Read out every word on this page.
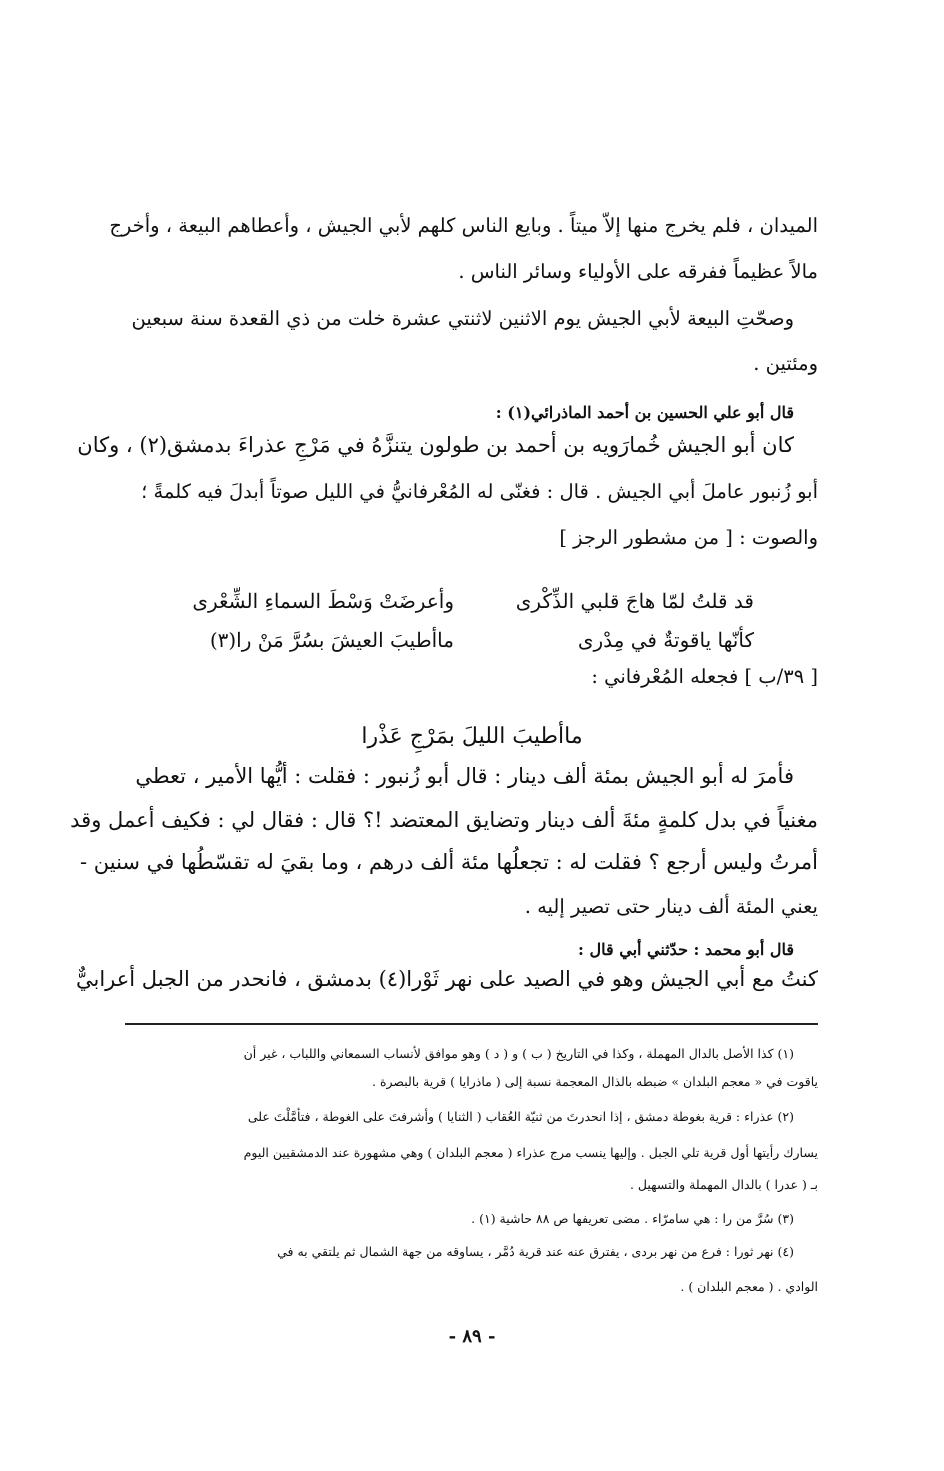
الميدان ، فلم يخرج منها إلاّ ميتاً . وبايع الناس كلهم لأبي الجيش ، وأعطاهم البيعة ، وأخرج

مالاً عظيماً ففرقه على الأولياء وسائر الناس .

وصحّتِ البيعة لأبي الجيش يوم الاثنين لاثنتي عشرة خلت من ذي القعدة سنة سبعين

ومئتين .

قال أبو علي الحسين بن أحمد الماذرائي(١) :

كان أبو الجيش خُمارَويه بن أحمد بن طولون يتنزَّهُ في مَرْجِ عذراءَ بدمشق(٢) ، وكان

أبو زُنبور عاملَ أبي الجيش . قال : فغنّى له المُعْرفانيُّ في الليل صوتاً أبدلَ فيه كلمةً ؛

والصوت : [ من مشطور الرجز ]

قد قلتُ لمّا هاجَ قلبي الذِّكْرى

وأعرضَتْ وَسْطَ السماءِ الشِّعْرى

كأنّها ياقوتةٌ في مِدْرى

ماأطيبَ العيشَ بسُرَّ مَنْ را(٣)

[ ٣٩/ب ] فجعله المُعْرفاني :

ماأطيبَ الليلَ بمَرْجِ عَذْرا

فأمرَ له أبو الجيش بمئة ألف دينار : قال أبو زُنبور : فقلت : أيُّها الأمير ، تعطي

مغنياً في بدل كلمةٍ مئةَ ألف دينار وتضايق المعتضد !؟ قال : فقال لي : فكيف أعمل وقد

أمرتُ وليس أرجع ؟ فقلت له : تجعلُها مئة ألف درهم ، وما بقيَ له تقسّطُها في سنين -

يعني المئة ألف دينار حتى تصير إليه .

قال أبو محمد : حدّثني أبي قال :

كنتُ مع أبي الجيش وهو في الصيد على نهر ثَوْرا(٤) بدمشق ، فانحدر من الجبل أعرابيٌّ

(١) كذا الأصل بالدال المهملة ، وكذا في التاريخ ( ب ) و ( د ) وهو موافق لأنساب السمعاني واللباب ، غير أن

ياقوت في « معجم البلدان » ضبطه بالذال المعجمة نسبة إلى ( ماذرايا ) قرية بالبصرة .

(٢) عذراء : قرية بغوطة دمشق ، إذا انحدرتَ من ثنيّة العُقاب ( الثنايا ) وأشرفتَ على الغوطة ، فتأمَّلْتَ على

يسارك رأيتها أول قرية تلي الجبل . وإليها ينسب مرج عذراء ( معجم البلدان ) وهي مشهورة عند الدمشقيين اليوم

بـ ( عدرا ) بالدال المهملة والتسهيل .

(٣) سُرَّ من را : هي سامرّاء . مضى تعريفها ص ٨٨ حاشية (١) .

(٤) نهر ثورا : فرع من نهر بردى ، يفترق عنه عند قرية دُمَّر ، يساوقه من جهة الشمال ثم يلتقي به في

الوادي . ( معجم البلدان ) .

- ٨٩ -
